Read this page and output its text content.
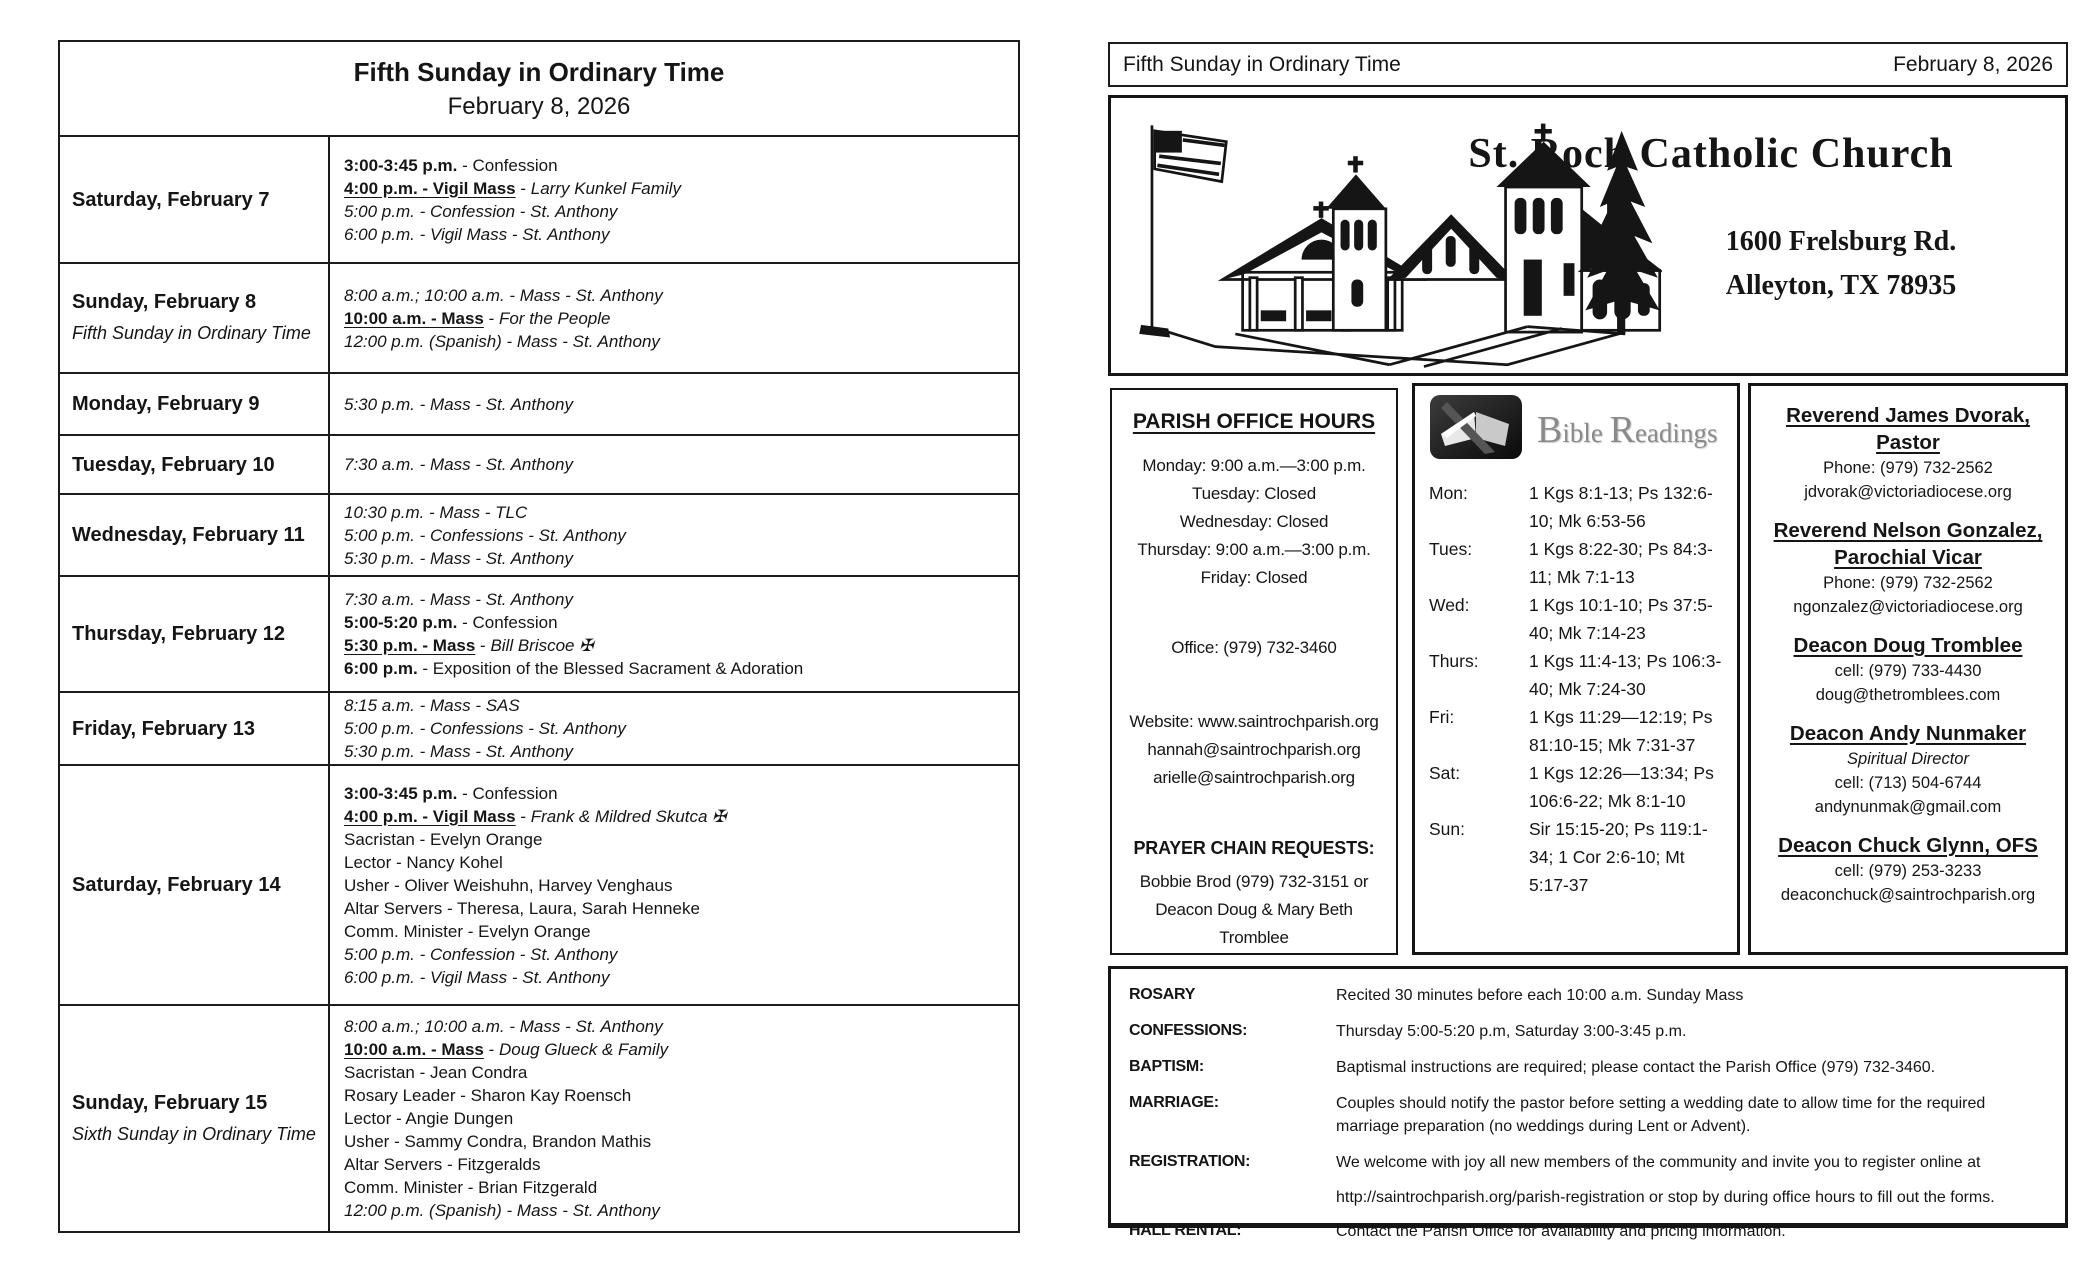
Fifth Sunday in Ordinary Time
February 8, 2026
Saturday, February 7
3:00-3:45 p.m. - Confession
4:00 p.m. - Vigil Mass - Larry Kunkel Family
5:00 p.m. - Confession - St. Anthony
6:00 p.m. - Vigil Mass - St. Anthony
Sunday, February 8
Fifth Sunday in Ordinary Time
8:00 a.m.; 10:00 a.m. - Mass - St. Anthony
10:00 a.m. - Mass - For the People
12:00 p.m. (Spanish) - Mass - St. Anthony
Monday, February 9	5:30 p.m. - Mass - St. Anthony
Tuesday, February 10	7:30 a.m. - Mass - St. Anthony
Wednesday, February 11
10:30 p.m. - Mass - TLC
5:00 p.m. - Confessions - St. Anthony
5:30 p.m. - Mass - St. Anthony
Thursday, February 12
7:30 a.m. - Mass - St. Anthony
5:00-5:20 p.m. - Confession
5:30 p.m. - Mass - Bill Briscoe ✠
6:00 p.m. - Exposition of the Blessed Sacrament & Adoration
Friday, February 13
8:15 a.m. - Mass - SAS
5:00 p.m. - Confessions - St. Anthony
5:30 p.m. - Mass - St. Anthony
Saturday, February 14
3:00-3:45 p.m. - Confession
4:00 p.m. - Vigil Mass - Frank & Mildred Skutca ✠
Sacristan - Evelyn Orange
Lector - Nancy Kohel
Usher - Oliver Weishuhn, Harvey Venghaus
Altar Servers - Theresa, Laura, Sarah Henneke
Comm. Minister - Evelyn Orange
5:00 p.m. - Confession - St. Anthony
6:00 p.m. - Vigil Mass - St. Anthony
Sunday, February 15
Sixth Sunday in Ordinary Time
8:00 a.m.; 10:00 a.m. - Mass - St. Anthony
10:00 a.m. - Mass - Doug Glueck & Family
Sacristan - Jean Condra
Rosary Leader - Sharon Kay Roensch
Lector - Angie Dungen
Usher - Sammy Condra, Brandon Mathis
Altar Servers - Fitzgeralds
Comm. Minister - Brian Fitzgerald
12:00 p.m. (Spanish) - Mass - St. Anthony
Fifth Sunday in Ordinary Time	February 8, 2026
St. Roch Catholic Church
1600 Frelsburg Rd.
Alleyton, TX 78935
PARISH OFFICE HOURS
Monday: 9:00 a.m.—3:00 p.m.
Tuesday: Closed
Wednesday: Closed
Thursday: 9:00 a.m.—3:00 p.m.
Friday: Closed
Office: (979) 732-3460
Website: www.saintrochparish.org
hannah@saintrochparish.org
arielle@saintrochparish.org
PRAYER CHAIN REQUESTS:
Bobbie Brod (979) 732-3151 or
Deacon Doug & Mary Beth
Tromblee
Bible Readings
Mon:	1 Kgs 8:1-13; Ps 132:6-10; Mk 6:53-56
Tues:	1 Kgs 8:22-30; Ps 84:3-11; Mk 7:1-13
Wed:	1 Kgs 10:1-10; Ps 37:5-40; Mk 7:14-23
Thurs:	1 Kgs 11:4-13; Ps 106:3-40; Mk 7:24-30
Fri:	1 Kgs 11:29—12:19; Ps 81:10-15; Mk 7:31-37
Sat:	1 Kgs 12:26—13:34; Ps 106:6-22; Mk 8:1-10
Sun:	Sir 15:15-20; Ps 119:1-34; 1 Cor 2:6-10; Mt 5:17-37
Reverend James Dvorak, Pastor
Phone: (979) 732-2562
jdvorak@victoriadiocese.org
Reverend Nelson Gonzalez, Parochial Vicar
Phone: (979) 732-2562
ngonzalez@victoriadiocese.org
Deacon Doug Tromblee
cell: (979) 733-4430
doug@thetromblees.com
Deacon Andy Nunmaker
Spiritual Director
cell: (713) 504-6744
andynunmak@gmail.com
Deacon Chuck Glynn, OFS
cell: (979) 253-3233
deaconchuck@saintrochparish.org
ROSARY	Recited 30 minutes before each 10:00 a.m. Sunday Mass
CONFESSIONS:	Thursday 5:00-5:20 p.m, Saturday 3:00-3:45 p.m.
BAPTISM:	Baptismal instructions are required; please contact the Parish Office (979) 732-3460.
MARRIAGE:	Couples should notify the pastor before setting a wedding date to allow time for the required marriage preparation (no weddings during Lent or Advent).
REGISTRATION:	We welcome with joy all new members of the community and invite you to register online at
http://saintrochparish.org/parish-registration or stop by during office hours to fill out the forms.
HALL RENTAL:	Contact the Parish Office for availability and pricing information.
